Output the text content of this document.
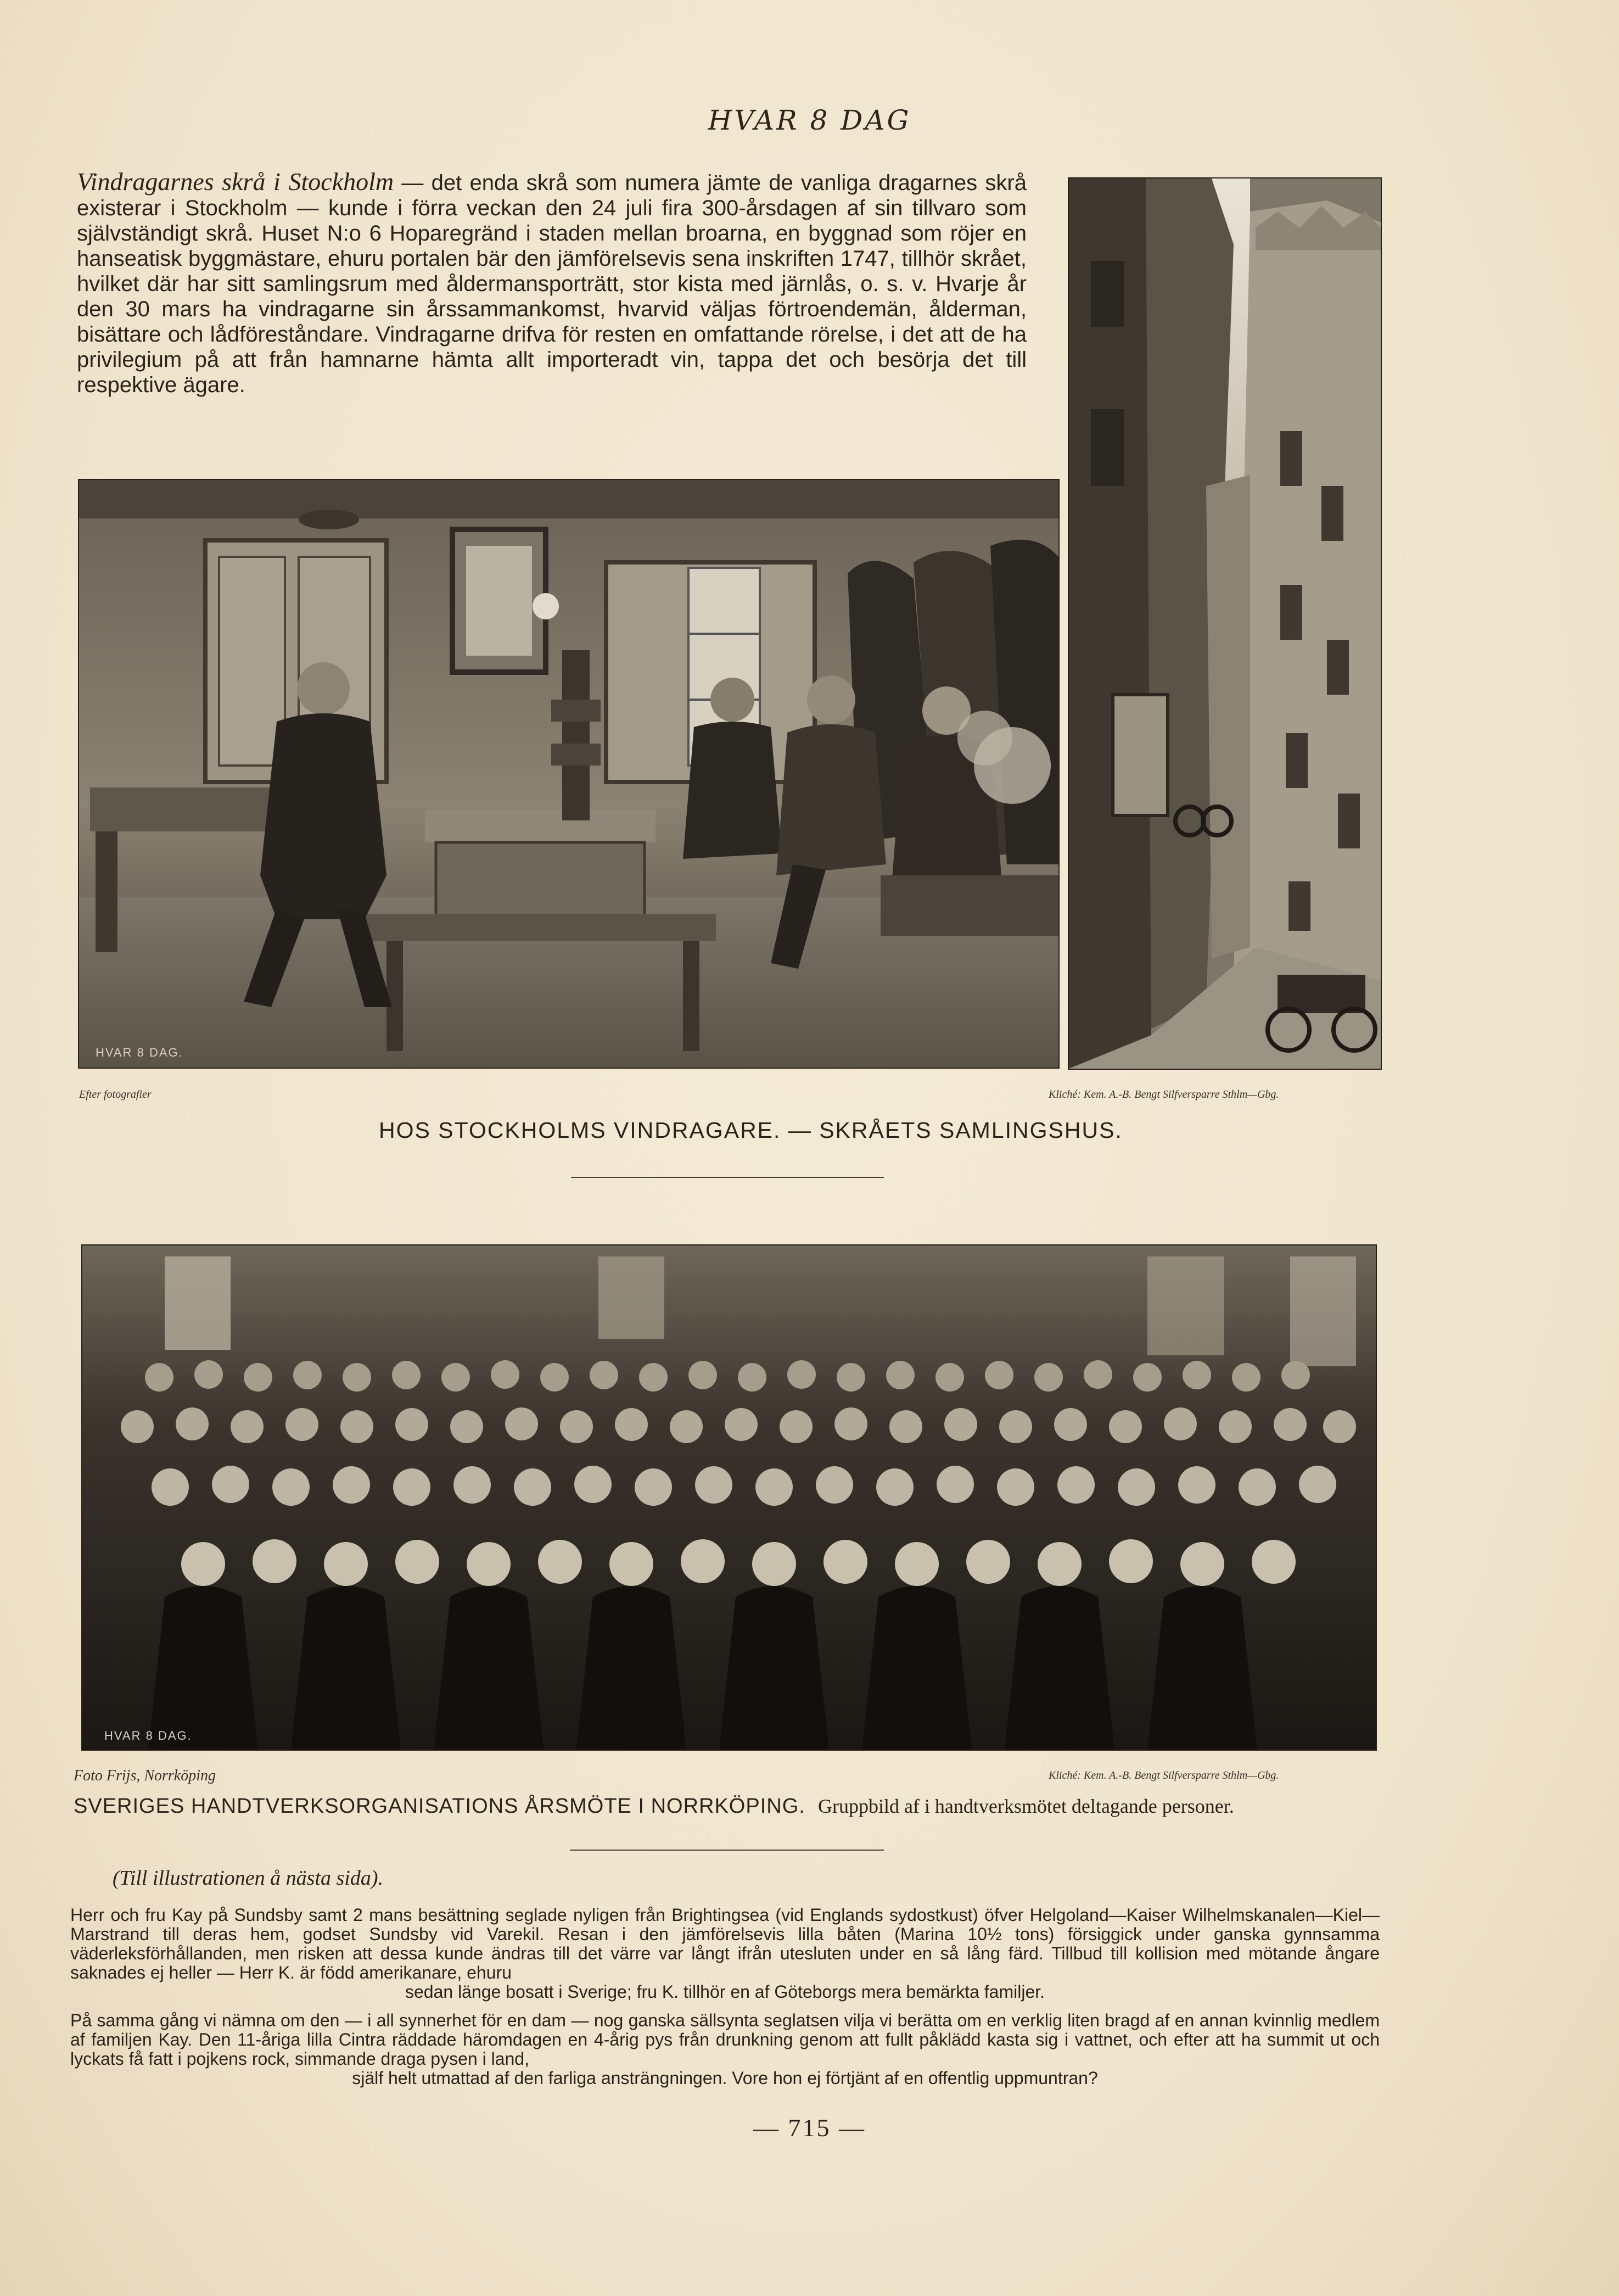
HVAR 8 DAG
Vindragarnes skrå i Stockholm — det enda skrå som numera jämte de vanliga dragarnes skrå existerar i Stockholm — kunde i förra veckan den 24 juli fira 300-årsdagen af sin tillvaro som självständigt skrå. Huset N:o 6 Hoparegränd i staden mellan broarna, en byggnad som röjer en hanseatisk byggmästare, ehuru portalen bär den jämförelsevis sena inskriften 1747, tillhör skrået, hvilket där har sitt samlingsrum med åldermansporträtt, stor kista med järnlås, o. s. v. Hvarje år den 30 mars ha vindragarne sin årssammankomst, hvarvid väljas förtroendemän, ålderman, bisättare och lådföreståndare. Vindragarne drifva för resten en omfattande rörelse, i det att de ha privilegium på att från hamnarne hämta allt importeradt vin, tappa det och besörja det till respektive ägare.
HVAR 8 DAG.
Efter fotografier	Kliché: Kem. A.-B. Bengt Silfversparre Sthlm—Gbg.
HOS STOCKHOLMS VINDRAGARE. — SKRÅETS SAMLINGSHUS.
HVAR 8 DAG.
Foto Frijs, Norrköping	Kliché: Kem. A.-B. Bengt Silfversparre Sthlm—Gbg.
SVERIGES HANDTVERKSORGANISATIONS ÅRSMÖTE I NORRKÖPING. Gruppbild af i handtverksmötet deltagande personer.
(Till illustrationen å nästa sida).
Herr och fru Kay på Sundsby samt 2 mans besättning seglade nyligen från Brightingsea (vid Englands sydostkust) öfver Helgoland—Kaiser Wilhelmskanalen—Kiel—Marstrand till deras hem, godset Sundsby vid Varekil. Resan i den jämförelsevis lilla båten (Marina 10½ tons) försiggick under ganska gynnsamma väderleksförhållanden, men risken att dessa kunde ändras till det värre var långt ifrån utesluten under en så lång färd. Tillbud till kollision med mötande ångare saknades ej heller — Herr K. är född amerikanare, ehuru
sedan länge bosatt i Sverige; fru K. tillhör en af Göteborgs mera bemärkta familjer.
På samma gång vi nämna om den — i all synnerhet för en dam — nog ganska sällsynta seglatsen vilja vi berätta om en verklig liten bragd af en annan kvinnlig medlem af familjen Kay. Den 11-åriga lilla Cintra räddade häromdagen en 4-årig pys från drunkning genom att fullt påklädd kasta sig i vattnet, och efter att ha summit ut och lyckats få fatt i pojkens rock, simmande draga pysen i land,
själf helt utmattad af den farliga ansträngningen. Vore hon ej förtjänt af en offentlig uppmuntran?
— 715 —
